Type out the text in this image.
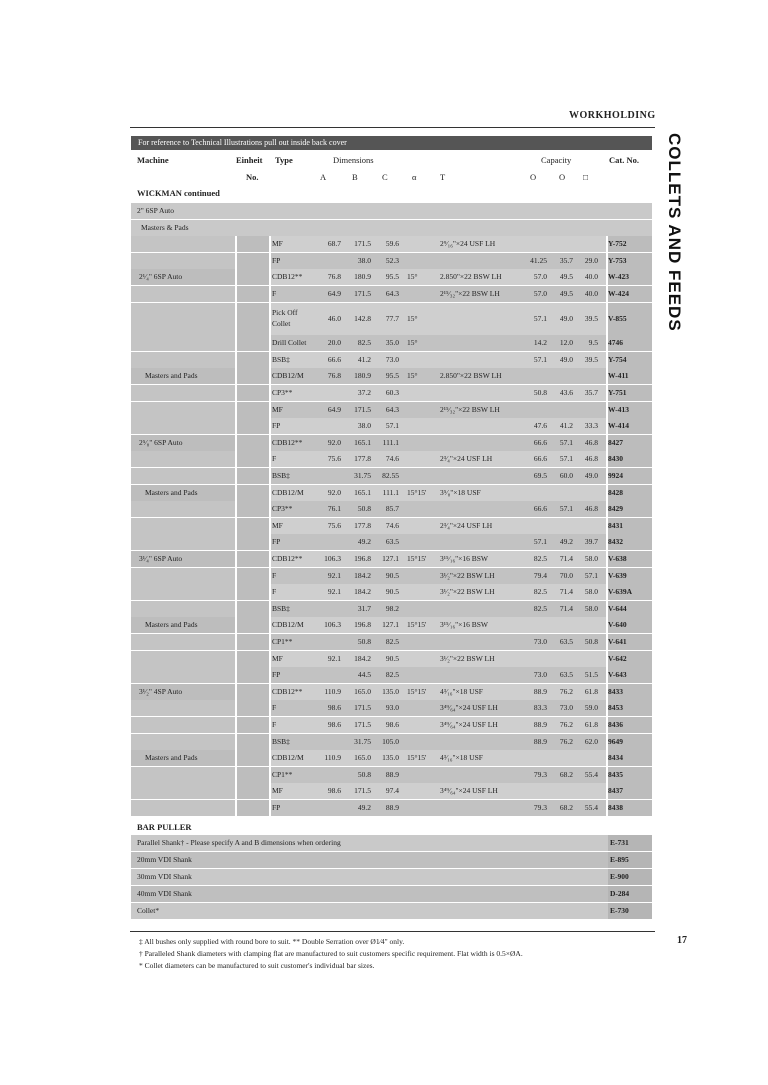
WORKHOLDING
COLLETS AND FEEDS
For reference to Technical Illustrations pull out inside back cover
Machine	Einheit
No.
Type	Dimensions
A	B	C	α	T
Capacity
O	O □
Cat. No.
WICKMAN continued
2" 6SP Auto
Masters & Pads
MF	68.7	171.5	59.6	2⁹⁄₁₆"×24 USF LH	Y-752
FP	38.0	52.3	41.25	35.7	29.0 Y-753
2¹⁄₄" 6SP Auto	CDB12**	76.8	180.9	95.5 15°	2.850"×22 BSW LH	57.0	49.5	40.0 W-423
F	64.9	171.5	64.3	2¹⁵⁄₃₂"×22 BSW LH	57.0	49.5	40.0 W-424
Pick Off Collet
46.0	142.8	77.7 15°	57.1	49.0	39.5 V-855
Drill Collet	20.0	82.5	35.0 15°	14.2	12.0	9.5 4746
BSB‡	66.6	41.2	73.0	57.1	49.0	39.5 Y-754
Masters and Pads	CDB12/M	76.8	180.9	95.5 15°	2.850"×22 BSW LH	W-411
CP3**	37.2	60.3	50.8	43.6	35.7 Y-751
MF	64.9	171.5	64.3	2¹⁵⁄₃₂"×22 BSW LH	W-413
FP	38.0	57.1	47.6	41.2	33.3 W-414
2⁵⁄₈" 6SP Auto	CDB12**	92.0	165.1	111.1	66.6	57.1	46.8 8427
F	75.6	177.8	74.6	2³⁄₄"×24 USF LH	66.6	57.1	46.8 8430
BSB‡	31.75	82.55	69.5	60.0	49.0 9924
Masters and Pads	CDB12/M	92.0	165.1	111.1 15°15'	3⁵⁄₈"×18 USF	8428
CP3**	76.1	50.8	85.7	66.6	57.1	46.8 8429
MF	75.6	177.8	74.6	2³⁄₄"×24 USF LH	8431
FP	49.2	63.5	57.1	49.2	39.7 8432
3¹⁄₄" 6SP Auto	CDB12**	106.3	196.8	127.1 15°15'	3¹⁵⁄₁₆"×16 BSW	82.5	71.4	58.0 V-638
F	92.1	184.2	90.5	3¹⁄₂"×22 BSW LH	79.4	70.0	57.1 V-639
F	92.1	184.2	90.5	3¹⁄₂"×22 BSW LH	82.5	71.4	58.0 V-639A
BSB‡	31.7	98.2	82.5	71.4	58.0 V-644
Masters and Pads	CDB12/M	106.3	196.8	127.1 15°15'	3¹⁵⁄₁₆"×16 BSW	V-640
CP1**	50.8	82.5	73.0	63.5	50.8 V-641
MF	92.1	184.2	90.5	3¹⁄₂"×22 BSW LH	V-642
FP	44.5	82.5	73.0	63.5	51.5 V-643
3¹⁄₂" 4SP Auto	CDB12**	110.9	165.0	135.0 15°15'	4³⁄₁₆"×18 USF	88.9	76.2	61.8 8433
F	98.6	171.5	93.0	3⁴⁹⁄₆₄"×24 USF LH	83.3	73.0	59.0 8453
F	98.6	171.5	98.6	3⁴⁹⁄₆₄"×24 USF LH	88.9	76.2	61.8 8436
BSB‡	31.75	105.0	88.9	76.2	62.0 9649
Masters and Pads	CDB12/M	110.9	165.0	135.0 15°15'	4³⁄₁₆"×18 USF	8434
CP1**	50.8	88.9	79.3	68.2	55.4 8435
MF	98.6	171.5	97.4	3⁴⁹⁄₆₄"×24 USF LH	8437
FP	49.2	88.9	79.3	68.2	55.4 8438
BAR PULLER
Parallel Shank† - Please specify A and B dimensions when ordering	E-731
20mm VDI Shank	E-895
30mm VDI Shank	E-900
40mm VDI Shank	D-284
Collet*	E-730
17
‡ All bushes only supplied with round bore to suit. ** Double Serration over Ø1⁄4" only.
† Paralleled Shank diameters with clamping flat are manufactured to suit customers specific requirement. Flat width is 0.5×ØA.
* Collet diameters can be manufactured to suit customer's individual bar sizes.
